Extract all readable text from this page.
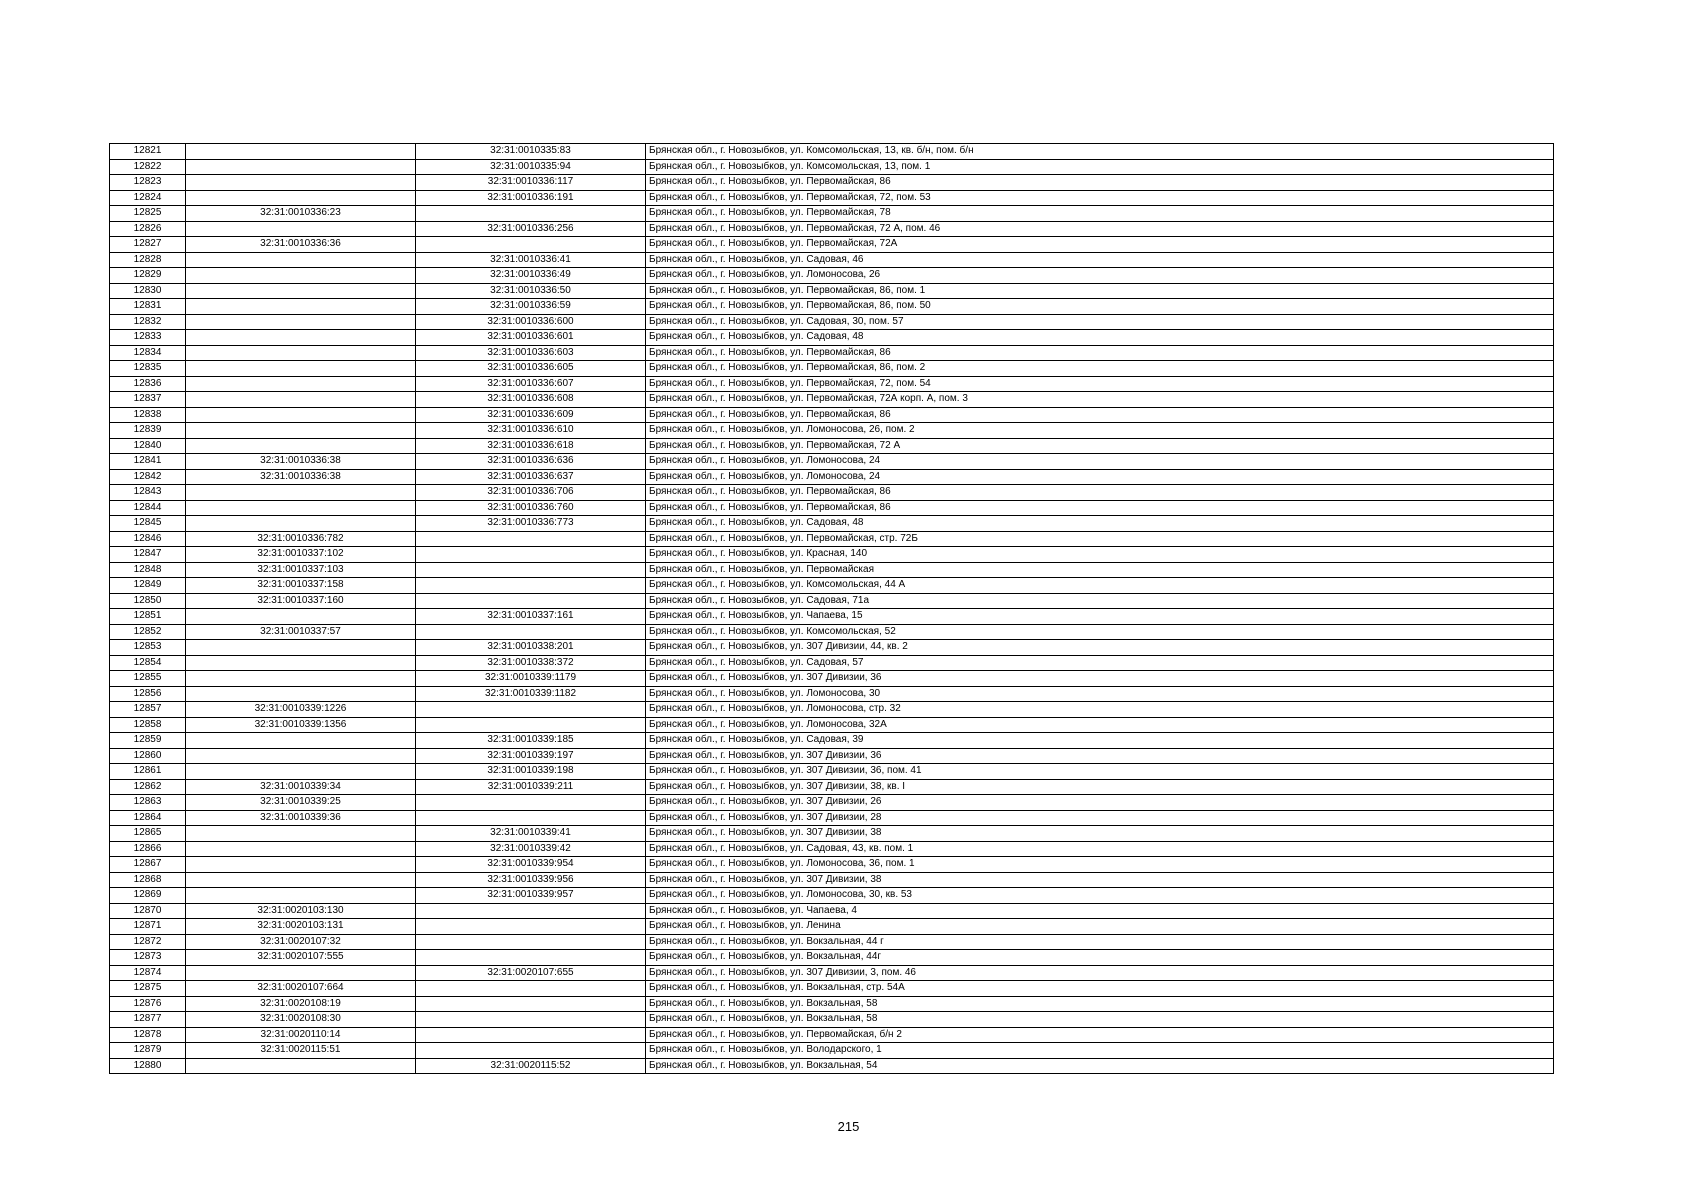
12821		32:31:0010335:83	Брянская обл., г. Новозыбков, ул. Комсомольская, 13, кв. б/н, пом. б/н
12822		32:31:0010335:94	Брянская обл., г. Новозыбков, ул. Комсомольская, 13, пом. 1
12823		32:31:0010336:117	Брянская обл., г. Новозыбков, ул. Первомайская, 86
12824		32:31:0010336:191	Брянская обл., г. Новозыбков, ул. Первомайская, 72, пом. 53
12825	32:31:0010336:23		Брянская обл., г. Новозыбков, ул. Первомайская, 78
12826		32:31:0010336:256	Брянская обл., г. Новозыбков, ул. Первомайская, 72 А, пом. 46
12827	32:31:0010336:36		Брянская обл., г. Новозыбков, ул. Первомайская, 72А
12828		32:31:0010336:41	Брянская обл., г. Новозыбков, ул. Садовая, 46
12829		32:31:0010336:49	Брянская обл., г. Новозыбков, ул. Ломоносова, 26
12830		32:31:0010336:50	Брянская обл., г. Новозыбков, ул. Первомайская, 86, пом. 1
12831		32:31:0010336:59	Брянская обл., г. Новозыбков, ул. Первомайская, 86, пом. 50
12832		32:31:0010336:600	Брянская обл., г. Новозыбков, ул. Садовая, 30, пом. 57
12833		32:31:0010336:601	Брянская обл., г. Новозыбков, ул. Садовая, 48
12834		32:31:0010336:603	Брянская обл., г. Новозыбков, ул. Первомайская, 86
12835		32:31:0010336:605	Брянская обл., г. Новозыбков, ул. Первомайская, 86, пом. 2
12836		32:31:0010336:607	Брянская обл., г. Новозыбков, ул. Первомайская, 72, пом. 54
12837		32:31:0010336:608	Брянская обл., г. Новозыбков, ул. Первомайская, 72А корп. А, пом. 3
12838		32:31:0010336:609	Брянская обл., г. Новозыбков, ул. Первомайская, 86
12839		32:31:0010336:610	Брянская обл., г. Новозыбков, ул. Ломоносова, 26, пом. 2
12840		32:31:0010336:618	Брянская обл., г. Новозыбков, ул. Первомайская, 72 А
12841	32:31:0010336:38	32:31:0010336:636	Брянская обл., г. Новозыбков, ул. Ломоносова, 24
12842	32:31:0010336:38	32:31:0010336:637	Брянская обл., г. Новозыбков, ул. Ломоносова, 24
12843		32:31:0010336:706	Брянская обл., г. Новозыбков, ул. Первомайская, 86
12844		32:31:0010336:760	Брянская обл., г. Новозыбков, ул. Первомайская, 86
12845		32:31:0010336:773	Брянская обл., г. Новозыбков, ул. Садовая, 48
12846	32:31:0010336:782		Брянская обл., г. Новозыбков, ул. Первомайская, стр. 72Б
12847	32:31:0010337:102		Брянская обл., г. Новозыбков, ул. Красная, 140
12848	32:31:0010337:103		Брянская обл., г. Новозыбков, ул. Первомайская
12849	32:31:0010337:158		Брянская обл., г. Новозыбков, ул. Комсомольская, 44 А
12850	32:31:0010337:160		Брянская обл., г. Новозыбков, ул. Садовая, 71а
12851		32:31:0010337:161	Брянская обл., г. Новозыбков, ул. Чапаева, 15
12852	32:31:0010337:57		Брянская обл., г. Новозыбков, ул. Комсомольская, 52
12853		32:31:0010338:201	Брянская обл., г. Новозыбков, ул. 307 Дивизии, 44, кв. 2
12854		32:31:0010338:372	Брянская обл., г. Новозыбков, ул. Садовая, 57
12855		32:31:0010339:1179	Брянская обл., г. Новозыбков, ул. 307 Дивизии, 36
12856		32:31:0010339:1182	Брянская обл., г. Новозыбков, ул. Ломоносова, 30
12857	32:31:0010339:1226		Брянская обл., г. Новозыбков, ул. Ломоносова, стр. 32
12858	32:31:0010339:1356		Брянская обл., г. Новозыбков, ул. Ломоносова, 32А
12859		32:31:0010339:185	Брянская обл., г. Новозыбков, ул. Садовая, 39
12860		32:31:0010339:197	Брянская обл., г. Новозыбков, ул. 307 Дивизии, 36
12861		32:31:0010339:198	Брянская обл., г. Новозыбков, ул. 307 Дивизии, 36, пом. 41
12862	32:31:0010339:34	32:31:0010339:211	Брянская обл., г. Новозыбков, ул. 307 Дивизии, 38, кв. I
12863	32:31:0010339:25		Брянская обл., г. Новозыбков, ул. 307 Дивизии, 26
12864	32:31:0010339:36		Брянская обл., г. Новозыбков, ул. 307 Дивизии, 28
12865		32:31:0010339:41	Брянская обл., г. Новозыбков, ул. 307 Дивизии, 38
12866		32:31:0010339:42	Брянская обл., г. Новозыбков, ул. Садовая, 43, кв. пом. 1
12867		32:31:0010339:954	Брянская обл., г. Новозыбков, ул. Ломоносова, 36, пом. 1
12868		32:31:0010339:956	Брянская обл., г. Новозыбков, ул. 307 Дивизии, 38
12869		32:31:0010339:957	Брянская обл., г. Новозыбков, ул. Ломоносова, 30, кв. 53
12870	32:31:0020103:130		Брянская обл., г. Новозыбков, ул. Чапаева, 4
12871	32:31:0020103:131		Брянская обл., г. Новозыбков, ул. Ленина
12872	32:31:0020107:32		Брянская обл., г. Новозыбков, ул. Вокзальная, 44 г
12873	32:31:0020107:555		Брянская обл., г. Новозыбков, ул. Вокзальная, 44г
12874		32:31:0020107:655	Брянская обл., г. Новозыбков, ул. 307 Дивизии, 3, пом. 46
12875	32:31:0020107:664		Брянская обл., г. Новозыбков, ул. Вокзальная, стр. 54А
12876	32:31:0020108:19		Брянская обл., г. Новозыбков, ул. Вокзальная, 58
12877	32:31:0020108:30		Брянская обл., г. Новозыбков, ул. Вокзальная, 58
12878	32:31:0020110:14		Брянская обл., г. Новозыбков, ул. Первомайская, б/н 2
12879	32:31:0020115:51		Брянская обл., г. Новозыбков, ул. Володарского, 1
12880		32:31:0020115:52	Брянская обл., г. Новозыбков, ул. Вокзальная, 54
215
